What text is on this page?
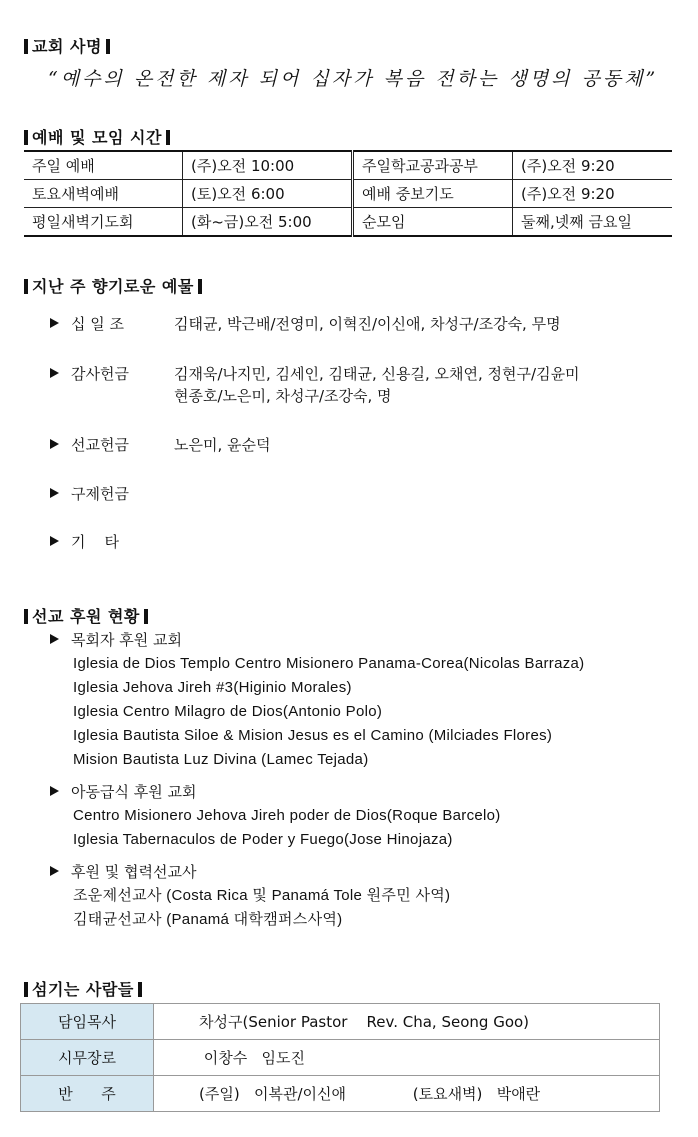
교회 사명
“예수의 온전한 제자 되어 십자가 복음 전하는 생명의 공동체”
예배 및 모임 시간
주일 예배	(주)오전 10:00	주일학교공과공부	(주)오전 9:20
토요새벽예배	(토)오전 6:00	예배 중보기도	(주)오전 9:20
평일새벽기도회	(화~금)오전 5:00	순모임	둘째,넷째 금요일
지난 주 향기로운 예물
십 일 조	김태균, 박근배/전영미, 이혁진/이신애, 차성구/조강숙, 무명
감사헌금	김재욱/나지민, 김세인, 김태균, 신용길, 오채연, 정현구/김윤미
현종호/노은미, 차성구/조강숙, 명
선교헌금	노은미, 윤순덕
구제헌금
기    타
선교 후원 현황
목회자 후원 교회
Iglesia de Dios Templo Centro Misionero Panama-Corea(Nicolas Barraza)
Iglesia Jehova Jireh #3(Higinio Morales)
Iglesia Centro Milagro de Dios(Antonio Polo)
Iglesia Bautista Siloe & Mision Jesus es el Camino (Milciades Flores)
Mision Bautista Luz Divina (Lamec Tejada)
아동급식 후원 교회
Centro Misionero Jehova Jireh poder de Dios(Roque Barcelo)
Iglesia Tabernaculos de Poder y Fuego(Jose Hinojaza)
후원 및 협력선교사
조운제선교사 (Costa Rica 및 Panamá Tole 원주민 사역)
김태균선교사 (Panamá 대학캠퍼스사역)
섬기는 사람들
담임목사	차성구(Senior Pastor    Rev. Cha, Seong Goo)
시무장로	이창수   임도진
반      주	(주일)   이복관/이신애              (토요새벽)   박애란
